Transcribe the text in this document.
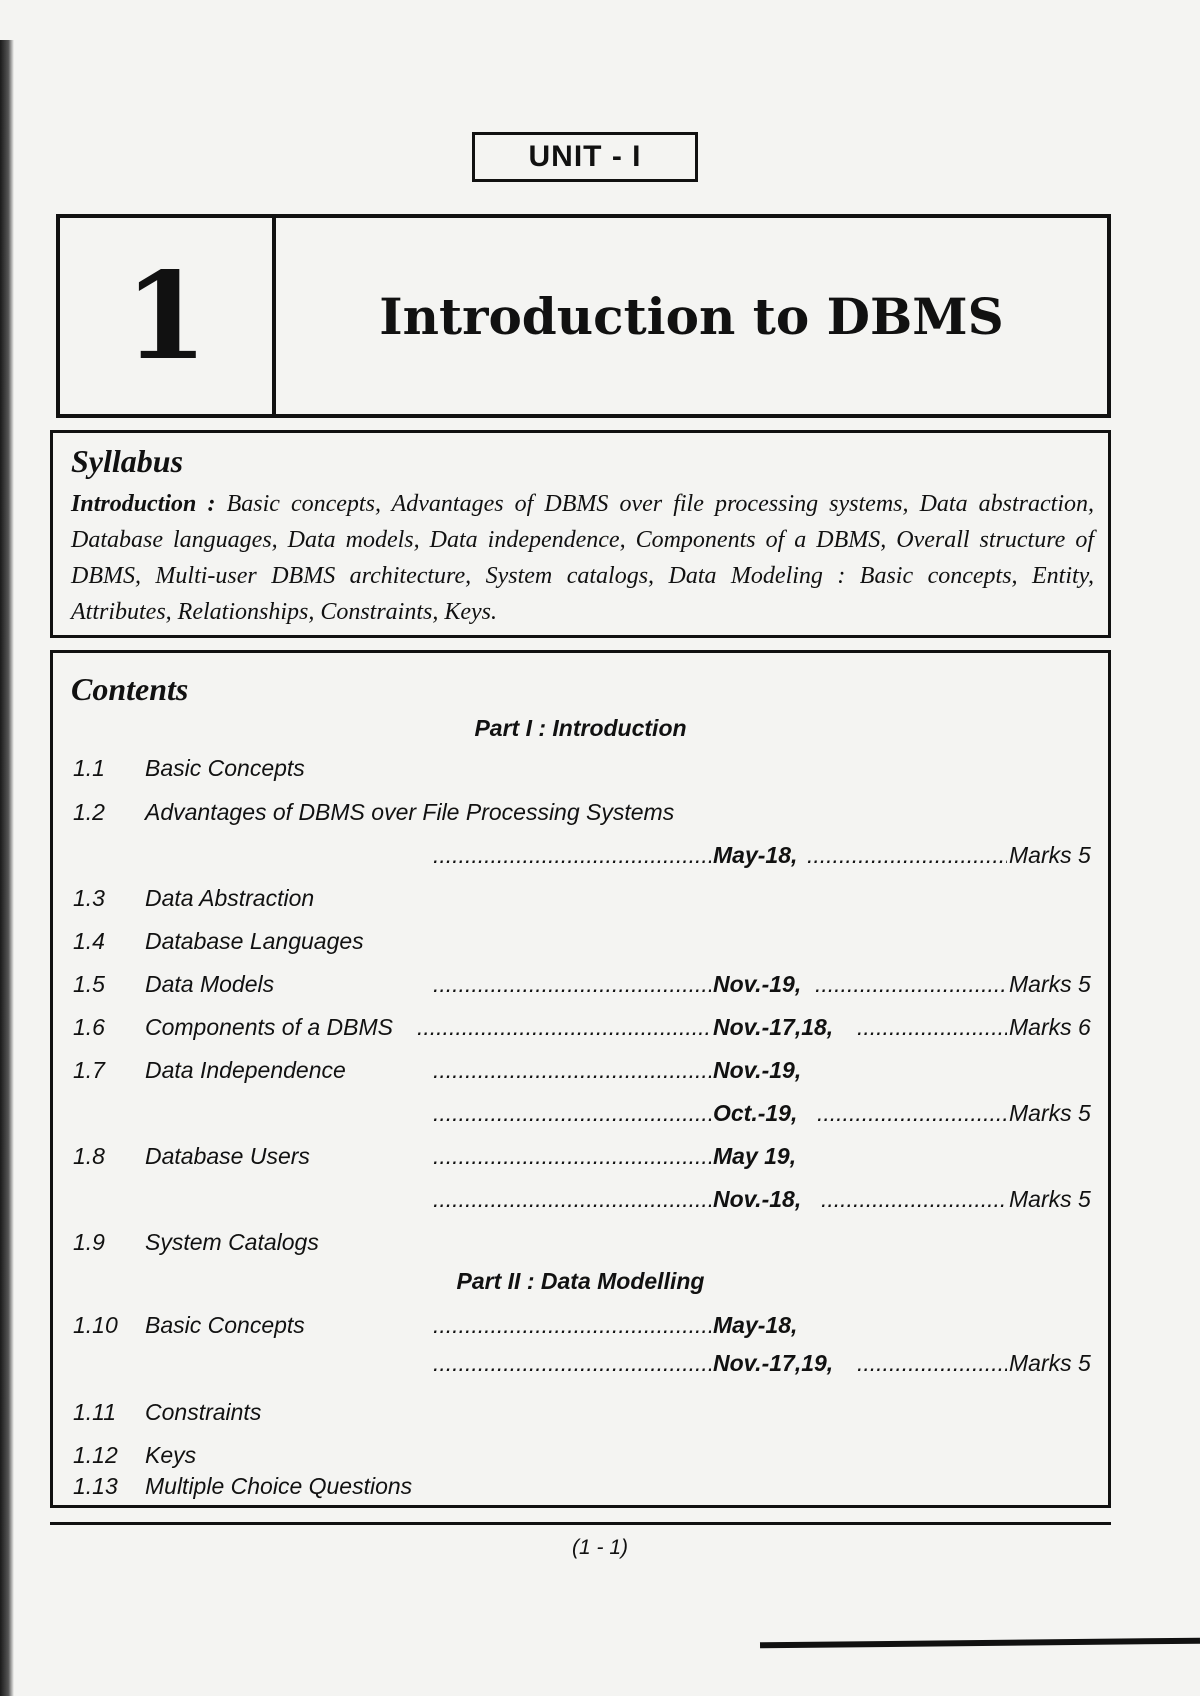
UNIT - I
1	Introduction to DBMS
Syllabus

Introduction : Basic concepts, Advantages of DBMS over file processing systems, Data abstraction, Database languages, Data models, Data independence, Components of a DBMS, Overall structure of DBMS, Multi-user DBMS architecture, System catalogs, Data Modeling : Basic concepts, Entity, Attributes, Relationships, Constraints, Keys.

Contents
Part I : Introduction
1.1 Basic Concepts
1.2 Advantages of DBMS over File Processing Systems
.....
May-18, .....	Marks 5
1.3 Data Abstraction
1.4 Database Languages
1.5 Data Models .....	Nov.-19, .....	Marks 5
1.6 Components of a DBMS .....	Nov.-17,18, .....	Marks 6
1.7 Data Independence .....	Nov.-19,
.....
Oct.-19, .....	Marks 5
1.8 Database Users .....	May 19,
.....
Nov.-18, .....	Marks 5
1.9 System Catalogs
Part II : Data Modelling
1.10 Basic Concepts .....	May-18,
.....
Nov.-17,19, .....	Marks 5
1.11 Constraints
1.12 Keys
1.13 Multiple Choice Questions
(1 - 1)
